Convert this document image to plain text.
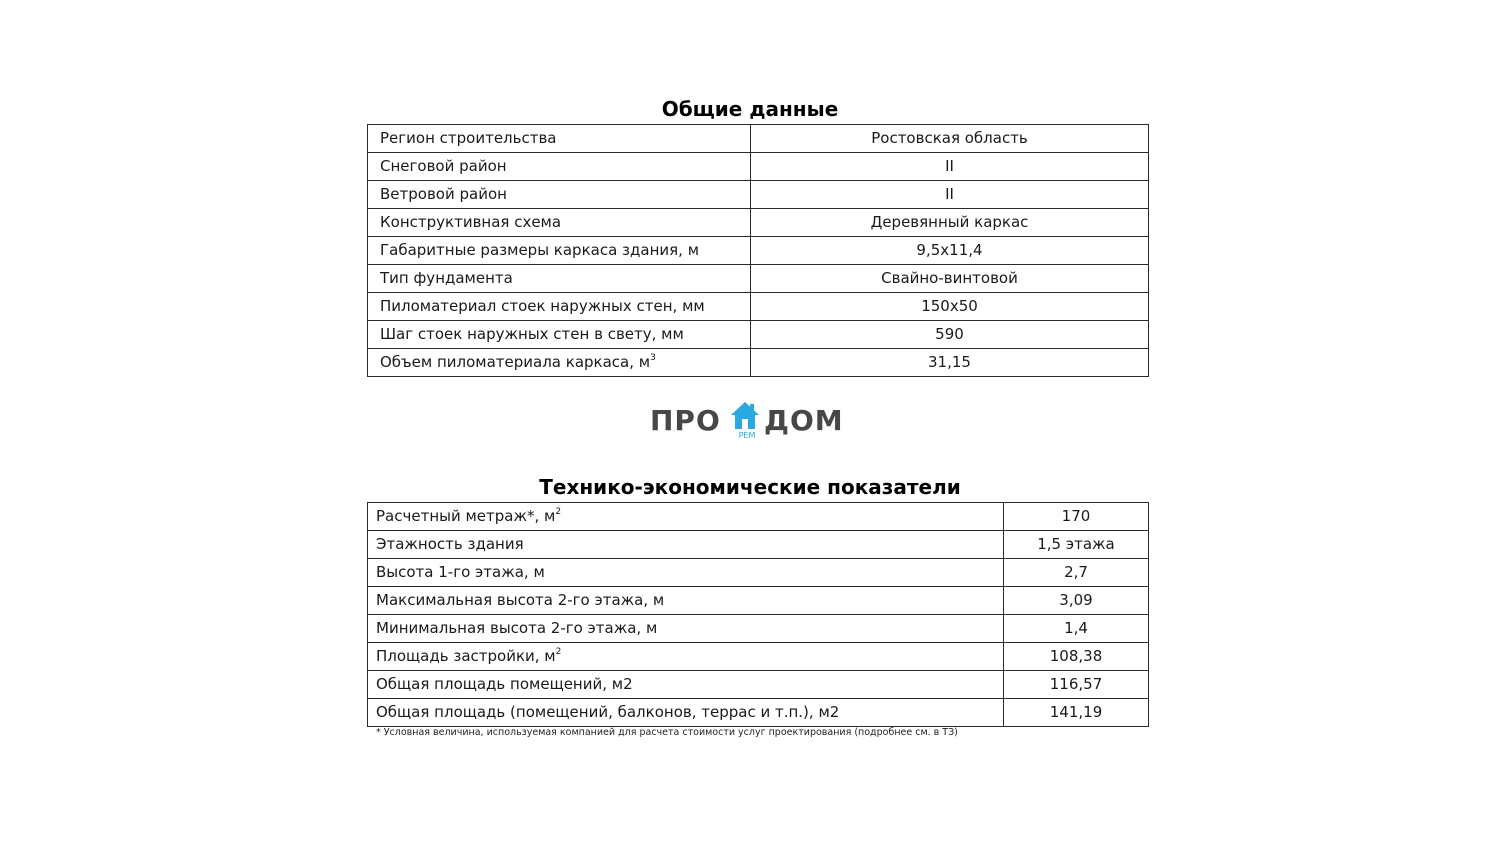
Общие данные
Регион строительства	Ростовская область
Снеговой район	II
Ветровой район	II
Конструктивная схема	Деревянный каркас
Габаритные размеры каркаса здания, м	9,5x11,4
Тип фундамента	Свайно-винтовой
Пиломатериал стоек наружных стен, мм	150x50
Шаг стоек наружных стен в свету, мм	590
Объем пиломатериала каркаса, $м^3$	31,15
ПРО	РЕМ ДОМ
Технико-экономические показатели
Расчетный метраж*, $м^2$	170
Этажность здания	1,5 этажа
Высота 1-го этажа, м	2,7
Максимальная высота 2-го этажа, м	3,09
Минимальная высота 2-го этажа, м	1,4
Площадь застройки, $м^2$	108,38
Общая площадь помещений, м2	116,57
Общая площадь (помещений, балконов, террас и т.п.), м2	141,19
* Условная величина, используемая компанией для расчета стоимости услуг проектирования (подробнее см. в ТЗ)
